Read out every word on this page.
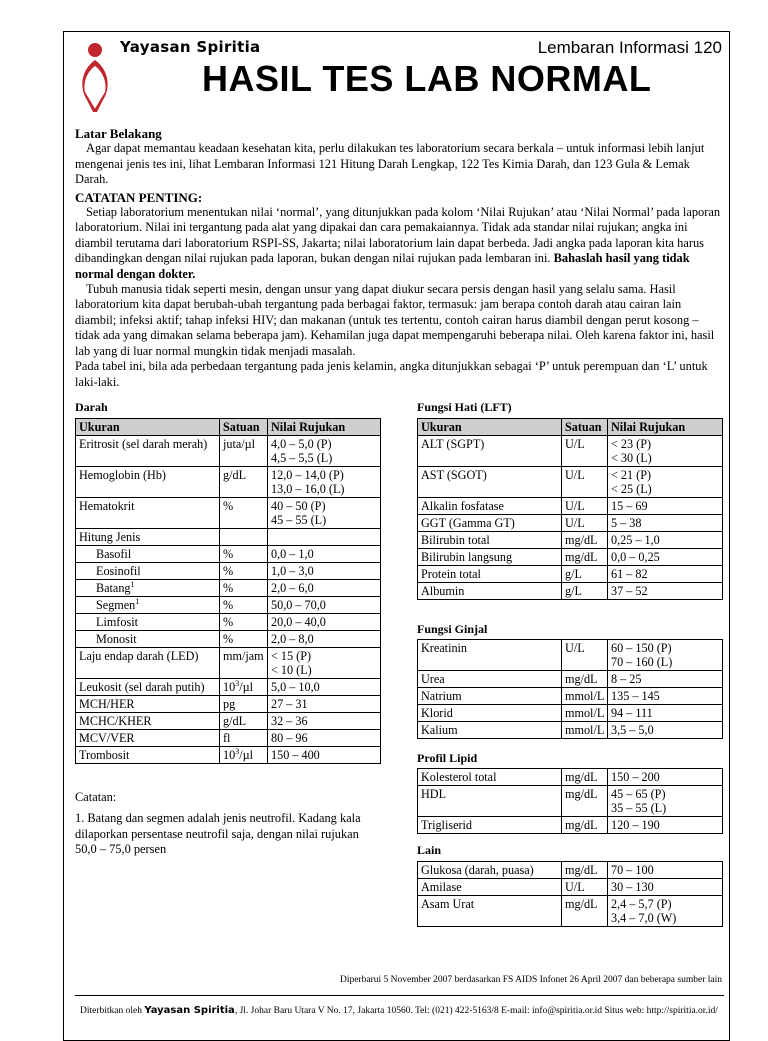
Yayasan Spiritia	Lembaran Informasi 120
HASIL TES LAB NORMAL

Latar Belakang

Agar dapat memantau keadaan kesehatan kita, perlu dilakukan tes laboratorium secara berkala – untuk informasi lebih lanjut mengenai jenis tes ini, lihat Lembaran Informasi 121 Hitung Darah Lengkap, 122 Tes Kimia Darah, dan 123 Gula & Lemak Darah.

CATATAN PENTING:

Setiap laboratorium menentukan nilai ‘normal’, yang ditunjukkan pada kolom ‘Nilai Rujukan’ atau ‘Nilai Normal’ pada laporan laboratorium. Nilai ini tergantung pada alat yang dipakai dan cara pemakaiannya. Tidak ada standar nilai rujukan; angka ini diambil terutama dari laboratorium RSPI-SS, Jakarta; nilai laboratorium lain dapat berbeda. Jadi angka pada laporan kita harus dibandingkan dengan nilai rujukan pada laporan, bukan dengan nilai rujukan pada lembaran ini. Bahaslah hasil yang tidak normal dengan dokter.

Tubuh manusia tidak seperti mesin, dengan unsur yang dapat diukur secara persis dengan hasil yang selalu sama. Hasil laboratorium kita dapat berubah-ubah tergantung pada berbagai faktor, termasuk: jam berapa contoh darah atau cairan lain diambil; infeksi aktif; tahap infeksi HIV; dan makanan (untuk tes tertentu, contoh cairan harus diambil dengan perut kosong – tidak ada yang dimakan selama beberapa jam). Kehamilan juga dapat mempengaruhi beberapa nilai. Oleh karena faktor ini, hasil lab yang di luar normal mungkin tidak menjadi masalah.

Pada tabel ini, bila ada perbedaan tergantung pada jenis kelamin, angka ditunjukkan sebagai ‘P’ untuk perempuan dan ‘L’ untuk laki-laki.

Darah
Ukuran	Satuan	Nilai Rujukan
Eritrosit (sel darah merah)	juta/µl	4,0 – 5,0 (P)
4,5 – 5,5 (L)

Hemoglobin (Hb)	g/dL	12,0 – 14,0 (P)
13,0 – 16,0 (L)

Hematokrit	%	40 – 50 (P)
45 – 55 (L)

Hitung Jenis		

Basofil	%	0,0 – 1,0

Eosinofil	%	1,0 – 3,0

Batang$^1$	%	2,0 – 6,0

Segmen$^1$	%	50,0 – 70,0

Limfosit	%	20,0 – 40,0

Monosit	%	2,0 – 8,0

Laju endap darah (LED)	mm/jam	< 15 (P)
< 10 (L)

Leukosit (sel darah putih)	$10^3/\mu l$	5,0 – 10,0

MCH/HER	pg	27 – 31

MCHC/KHER	g/dL	32 – 36

MCV/VER	fl	80 – 96

Trombosit	$10^3/\mu l$	150 – 400

Catatan:

1. Batang dan segmen adalah jenis neutrofil. Kadang kala dilaporkan persentase neutrofil saja, dengan nilai rujukan 50,0 – 75,0 persen

Fungsi Hati (LFT)
Ukuran	Satuan	Nilai Rujukan
ALT (SGPT)	U/L	< 23 (P)
< 30 (L)

AST (SGOT)	U/L	< 21 (P)
< 25 (L)

Alkalin fosfatase	U/L	15 – 69

GGT (Gamma GT)	U/L	5 – 38

Bilirubin total	mg/dL	0,25 – 1,0

Bilirubin langsung	mg/dL	0,0 – 0,25

Protein total	g/L	61 – 82

Albumin	g/L	37 – 52
Fungsi Ginjal
Kreatinin	U/L	60 – 150 (P)
70 – 160 (L)

Urea	mg/dL	8 – 25

Natrium	mmol/L	135 – 145

Klorid	mmol/L	94 – 111

Kalium	mmol/L	3,5 – 5,0
Profil Lipid
Kolesterol total	mg/dL	150 – 200

HDL	mg/dL	45 – 65 (P)
35 – 55 (L)

Trigliserid	mg/dL	120 – 190
Lain
Glukosa (darah, puasa)	mg/dL	70 – 100

Amilase	U/L	30 – 130

Asam Urat	mg/dL	2,4 – 5,7 (P)
3,4 – 7,0 (W)
Diperbarui 5 November 2007 berdasarkan FS AIDS Infonet 26 April 2007 dan beberapa sumber lain
Diterbitkan oleh Yayasan Spiritia, Jl. Johar Baru Utara V No. 17, Jakarta 10560. Tel: (021) 422-5163/8 E-mail: info@spiritia.or.id Situs web: http://spiritia.or.id/
